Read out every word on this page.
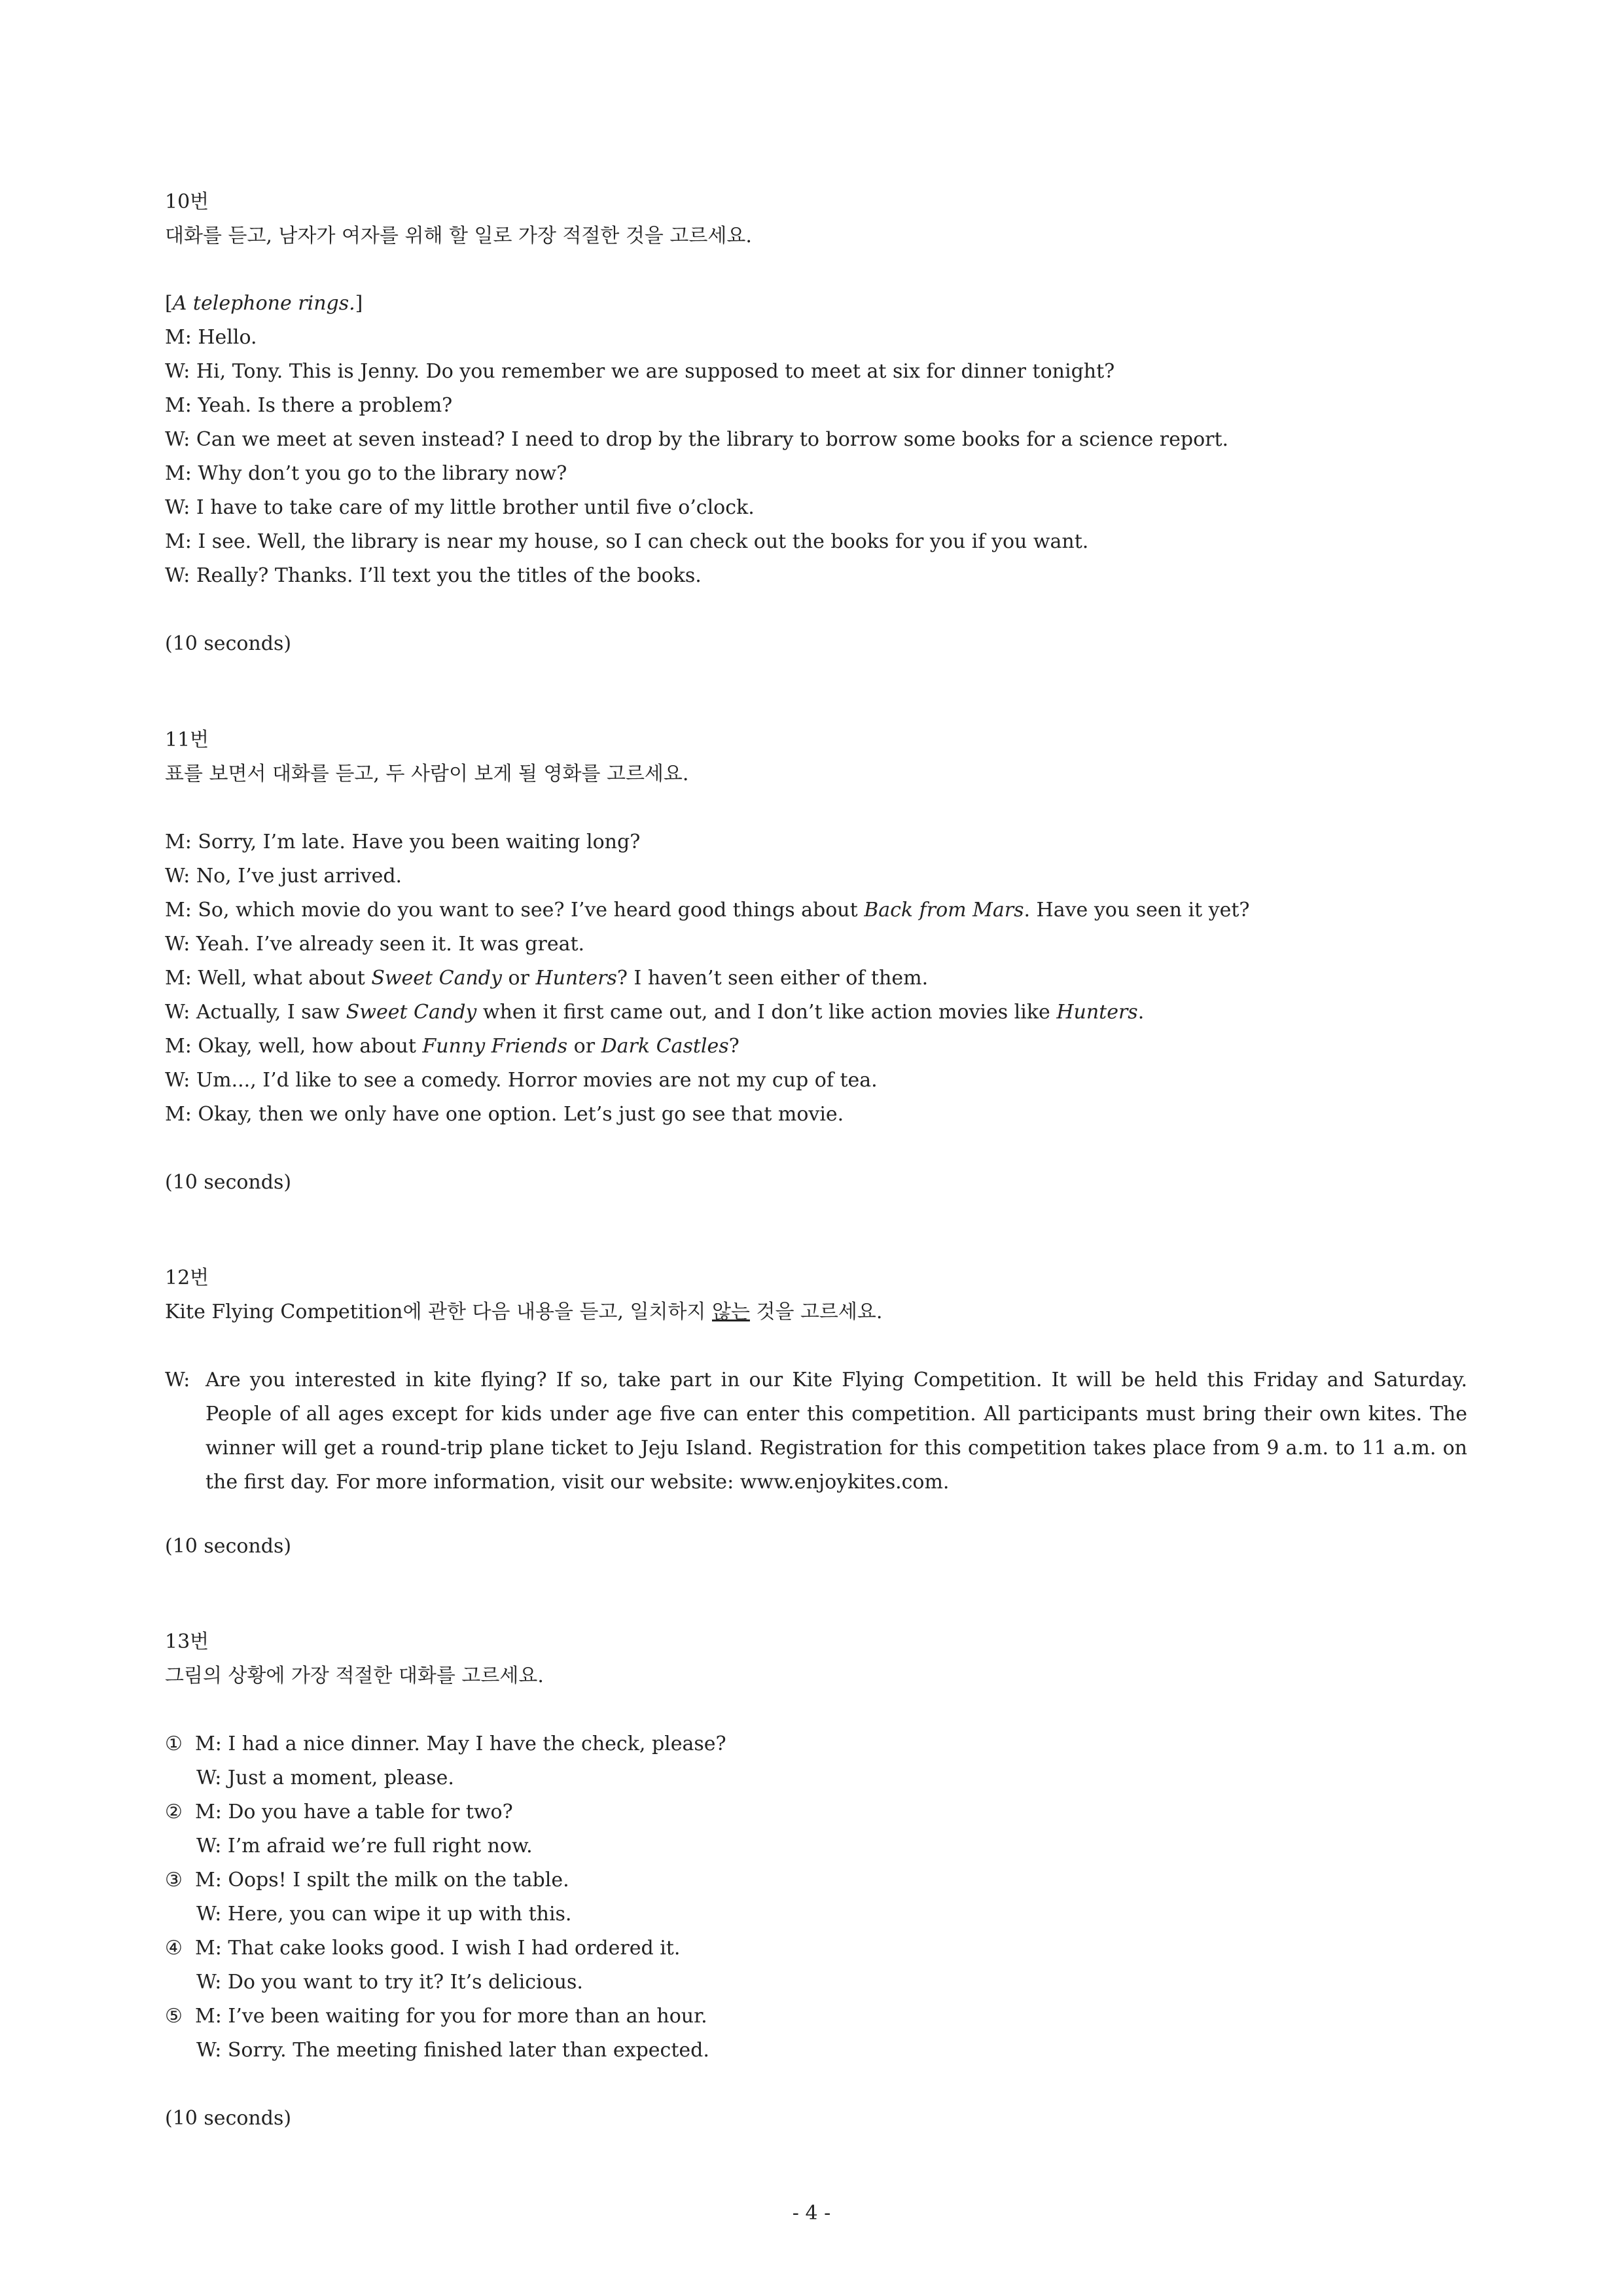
10번
대화를 듣고, 남자가 여자를 위해 할 일로 가장 적절한 것을 고르세요.
[A telephone rings.]
M: Hello.
W: Hi, Tony. This is Jenny. Do you remember we are supposed to meet at six for dinner tonight?
M: Yeah. Is there a problem?
W: Can we meet at seven instead? I need to drop by the library to borrow some books for a science report.
M: Why don’t you go to the library now?
W: I have to take care of my little brother until five o’clock.
M: I see. Well, the library is near my house, so I can check out the books for you if you want.
W: Really? Thanks. I’ll text you the titles of the books.
(10 seconds)
11번
표를 보면서 대화를 듣고, 두 사람이 보게 될 영화를 고르세요.
M: Sorry, I’m late. Have you been waiting long?
W: No, I’ve just arrived.
M: So, which movie do you want to see? I’ve heard good things about Back from Mars. Have you seen it yet?
W: Yeah. I’ve already seen it. It was great.
M: Well, what about Sweet Candy or Hunters? I haven’t seen either of them.
W: Actually, I saw Sweet Candy when it first came out, and I don’t like action movies like Hunters.
M: Okay, well, how about Funny Friends or Dark Castles?
W: Um..., I’d like to see a comedy. Horror movies are not my cup of tea.
M: Okay, then we only have one option. Let’s just go see that movie.
(10 seconds)
12번
Kite Flying Competition에 관한 다음 내용을 듣고, 일치하지 않는 것을 고르세요.
W: Are you interested in kite flying? If so, take part in our Kite Flying Competition. It will be held this Friday and Saturday. People of all ages except for kids under age five can enter this competition. All participants must bring their own kites. The winner will get a round-trip plane ticket to Jeju Island. Registration for this competition takes place from 9 a.m. to 11 a.m. on the first day. For more information, visit our website: www.enjoykites.com.
(10 seconds)
13번
그림의 상황에 가장 적절한 대화를 고르세요.
① M: I had a nice dinner. May I have the check, please?
W: Just a moment, please.
② M: Do you have a table for two?
W: I’m afraid we’re full right now.
③ M: Oops! I spilt the milk on the table.
W: Here, you can wipe it up with this.
④ M: That cake looks good. I wish I had ordered it.
W: Do you want to try it? It’s delicious.
⑤ M: I’ve been waiting for you for more than an hour.
W: Sorry. The meeting finished later than expected.
(10 seconds)
- 4 -
